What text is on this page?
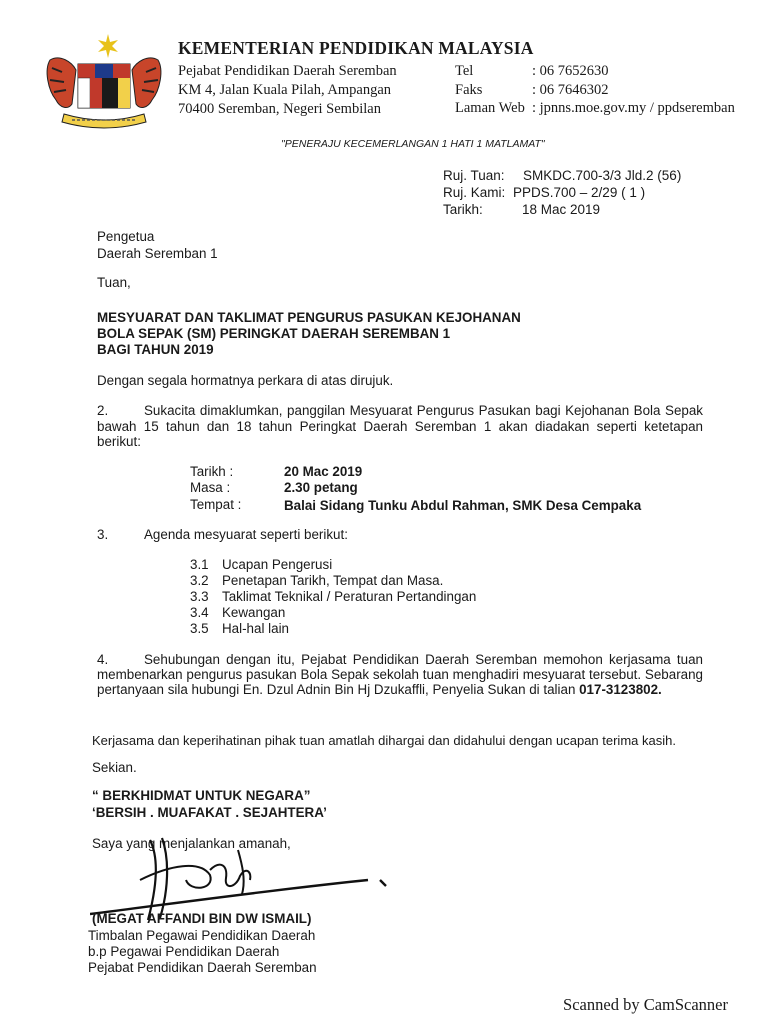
KEMENTERIAN PENDIDIKAN MALAYSIA
Pejabat Pendidikan Daerah Seremban
KM 4, Jalan Kuala Pilah, Ampangan
70400 Seremban, Negeri Sembilan
Tel	: 06 7652630
Faks	: 06 7646302
Laman Web : jpnns.moe.gov.my / ppdseremban
"PENERAJU KECEMERLANGAN 1 HATI 1 MATLAMAT"
Ruj. Tuan: SMKDC.700-3/3 Jld.2 (56)
Ruj. Kami: PPDS.700 – 2/29 ( 1 )
Tarikh:	18 Mac 2019
Pengetua
Daerah Seremban 1
Tuan,
MESYUARAT DAN TAKLIMAT PENGURUS PASUKAN KEJOHANAN
BOLA SEPAK (SM) PERINGKAT DAERAH SEREMBAN 1
BAGI TAHUN 2019
Dengan segala hormatnya perkara di atas dirujuk.
2.	Sukacita dimaklumkan, panggilan Mesyuarat Pengurus Pasukan bagi Kejohanan Bola Sepak bawah 15 tahun dan 18 tahun Peringkat Daerah Seremban 1 akan diadakan seperti ketetapan berikut:
Tarikh :	20 Mac 2019
Masa :	2.30 petang
Tempat :	Balai Sidang Tunku Abdul Rahman, SMK Desa Cempaka
3.	Agenda mesyuarat seperti berikut:
3.1 Ucapan Pengerusi
3.2 Penetapan Tarikh, Tempat dan Masa.
3.3 Taklimat Teknikal / Peraturan Pertandingan
3.4 Kewangan
3.5 Hal-hal lain
4.	Sehubungan dengan itu, Pejabat Pendidikan Daerah Seremban memohon kerjasama tuan membenarkan pengurus pasukan Bola Sepak sekolah tuan menghadiri mesyuarat tersebut. Sebarang pertanyaan sila hubungi En. Dzul Adnin Bin Hj Dzukaffli, Penyelia Sukan di talian 017-3123802.
Kerjasama dan keperihatinan pihak tuan amatlah dihargai dan didahului dengan ucapan terima kasih.
Sekian.
“ BERKHIDMAT UNTUK NEGARA”
‘BERSIH . MUAFAKAT . SEJAHTERA’
Saya yang menjalankan amanah,
(MEGAT AFFANDI BIN DW ISMAIL)
Timbalan Pegawai Pendidikan Daerah
b.p Pegawai Pendidikan Daerah
Pejabat Pendidikan Daerah Seremban
Scanned by CamScanner
